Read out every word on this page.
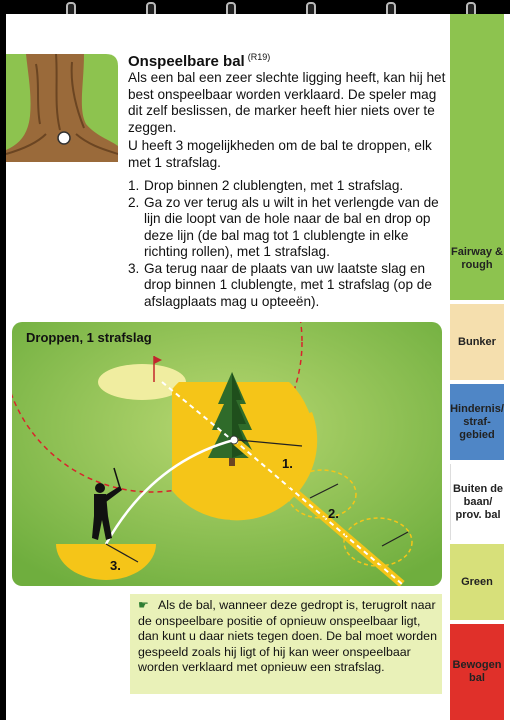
Onspeelbare bal $^{(R19)}$

Als een bal een zeer slechte ligging heeft, kan hij het best onspeelbaar worden verklaard. De speler mag dit zelf beslissen, de marker heeft hier niets over te zeggen.

U heeft 3 mogelijkheden om de bal te droppen, elk met 1 strafslag.

1. Drop binnen 2 clublengten, met 1 strafslag.
2. Ga zo ver terug als u wilt in het verlengde van de lijn die loopt van de hole naar de bal en drop op deze lijn (de bal mag tot 1 clublengte in elke richting rollen), met 1 strafslag.
3. Ga terug naar de plaats van uw laatste slag en drop binnen 1 clublengte, met 1 strafslag (op de afslagplaats mag u opteeën).
Droppen, 1 strafslag
1.
2.
3.
☛ Als de bal, wanneer deze gedropt is, terugrolt naar de onspeelbare positie of opnieuw onspeelbaar ligt, dan kunt u daar niets tegen doen. De bal moet worden gespeeld zoals hij ligt of hij kan weer onspeelbaar worden verklaard met opnieuw een strafslag.
Fairway & rough
Bunker
Hindernis/ strafgebied
Buiten de baan/ prov. bal
Green
Bewogen bal
